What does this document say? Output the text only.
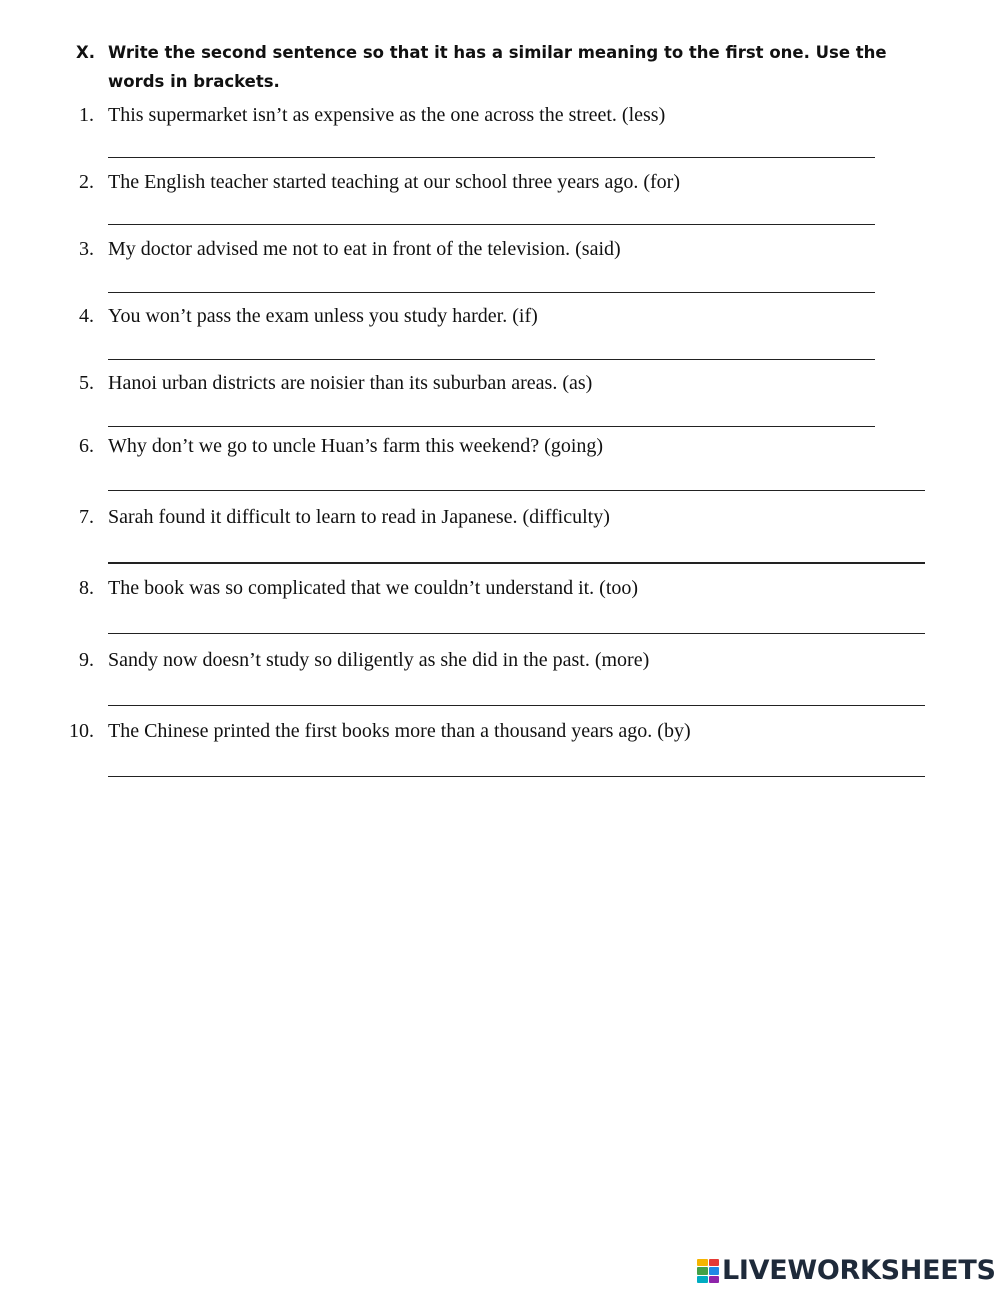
X. Write the second sentence so that it has a similar meaning to the first one. Use the words in brackets.
1. This supermarket isn’t as expensive as the one across the street. (less)
2. The English teacher started teaching at our school three years ago. (for)
3. My doctor advised me not to eat in front of the television. (said)
4. You won’t pass the exam unless you study harder. (if)
5. Hanoi urban districts are noisier than its suburban areas. (as)
6. Why don’t we go to uncle Huan’s farm this weekend? (going)
7. Sarah found it difficult to learn to read in Japanese. (difficulty)
8. The book was so complicated that we couldn’t understand it. (too)
9. Sandy now doesn’t study so diligently as she did in the past. (more)
10. The Chinese printed the first books more than a thousand years ago. (by)
LIVEWORKSHEETS
